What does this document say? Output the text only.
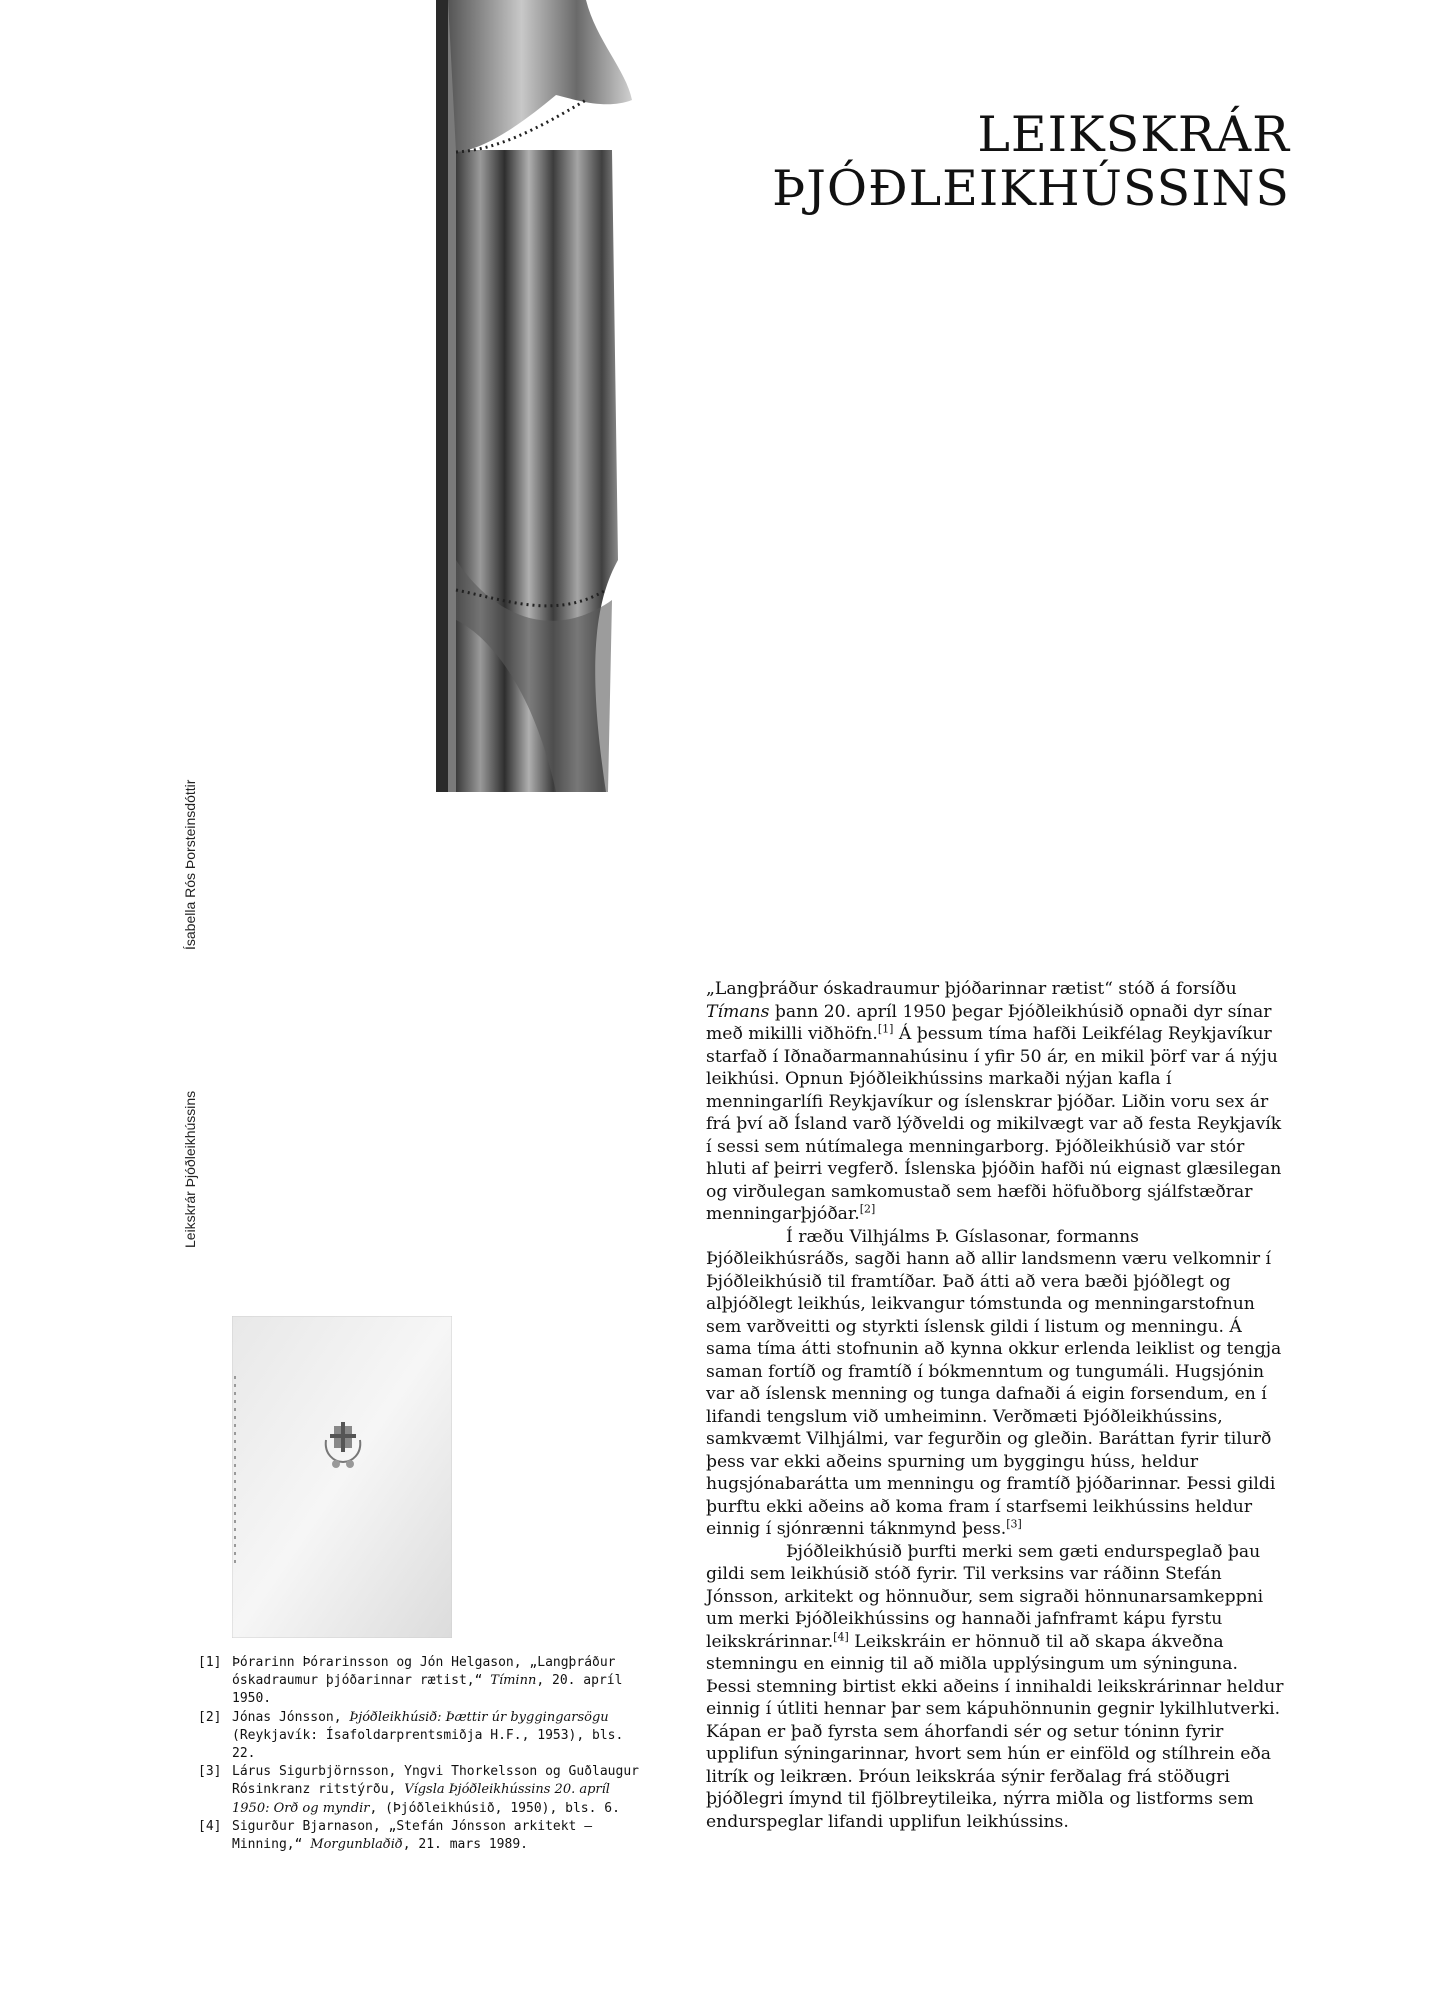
LEIKSKRÁR
ÞJÓÐLEIKHÚSSINS
Ísabella Rós Þorsteinsdóttir
Leikskrár Þjóðleikhússins

„Langþráður óskadraumur þjóðarinnar rætist“ stóð á forsíðu Tímans þann 20. apríl 1950 þegar Þjóðleikhúsið opnaði dyr sínar með mikilli viðhöfn.[1] Á þessum tíma hafði Leikfélag Reykjavíkur starfað í Iðnaðarmannahúsinu í yfir 50 ár, en mikil þörf var á nýju leikhúsi. Opnun Þjóðleikhússins markaði nýjan kafla í menningarlífi Reykjavíkur og íslenskrar þjóðar. Liðin voru sex ár frá því að Ísland varð lýðveldi og mikilvægt var að festa Reykjavík í sessi sem nútímalega menningarborg. Þjóðleikhúsið var stór hluti af þeirri vegferð. Íslenska þjóðin hafði nú eignast glæsilegan og virðulegan samkomustað sem hæfði höfuðborg sjálfstæðrar menningarþjóðar.[2]

Í ræðu Vilhjálms Þ. Gíslasonar, formanns Þjóðleikhúsráðs, sagði hann að allir landsmenn væru velkomnir í Þjóðleikhúsið til framtíðar. Það átti að vera bæði þjóðlegt og alþjóðlegt leikhús, leikvangur tómstunda og menningarstofnun sem varðveitti og styrkti íslensk gildi í listum og menningu. Á sama tíma átti stofnunin að kynna okkur erlenda leiklist og tengja saman fortíð og framtíð í bókmenntum og tungumáli. Hugsjónin var að íslensk menning og tunga dafnaði á eigin forsendum, en í lifandi tengslum við umheiminn. Verðmæti Þjóðleikhússins, samkvæmt Vilhjálmi, var fegurðin og gleðin. Baráttan fyrir tilurð þess var ekki aðeins spurning um byggingu húss, heldur hugsjónabarátta um menningu og framtíð þjóðarinnar. Þessi gildi þurftu ekki aðeins að koma fram í starfsemi leikhússins heldur einnig í sjónrænni táknmynd þess.[3]

Þjóðleikhúsið þurfti merki sem gæti endurspeglað þau gildi sem leikhúsið stóð fyrir. Til verksins var ráðinn Stefán Jónsson, arkitekt og hönnuður, sem sigraði hönnunarsamkeppni um merki Þjóðleikhússins og hannaði jafnframt kápu fyrstu leikskrárinnar.[4] Leikskráin er hönnuð til að skapa ákveðna stemningu en einnig til að miðla upplýsingum um sýninguna. Þessi stemning birtist ekki aðeins í innihaldi leikskrárinnar heldur einnig í útliti hennar þar sem kápuhönnunin gegnir lykilhlutverki. Kápan er það fyrsta sem áhorfandi sér og setur tóninn fyrir upplifun sýningarinnar, hvort sem hún er einföld og stílhrein eða litrík og leikræn. Þróun leikskráa sýnir ferðalag frá stöðugri þjóðlegri ímynd til fjölbreytileika, nýrra miðla og listforms sem endurspeglar lifandi upplifun leikhússins.

[1] Þórarinn Þórarinsson og Jón Helgason, „Langþráður óskadraumur þjóðarinnar rætist,“ Tíminn, 20. apríl 1950.
[2] Jónas Jónsson, Þjóðleikhúsið: Þættir úr byggingarsögu (Reykjavík: Ísafoldarprentsmiðja H.F., 1953), bls. 22.
[3] Lárus Sigurbjörnsson, Yngvi Thorkelsson og Guðlaugur Rósinkranz ritstýrðu, Vígsla Þjóðleikhússins 20. apríl 1950: Orð og myndir, (Þjóðleikhúsið, 1950), bls. 6.
[4] Sigurður Bjarnason, „Stefán Jónsson arkitekt – Minning,“ Morgunblaðið, 21. mars 1989.
